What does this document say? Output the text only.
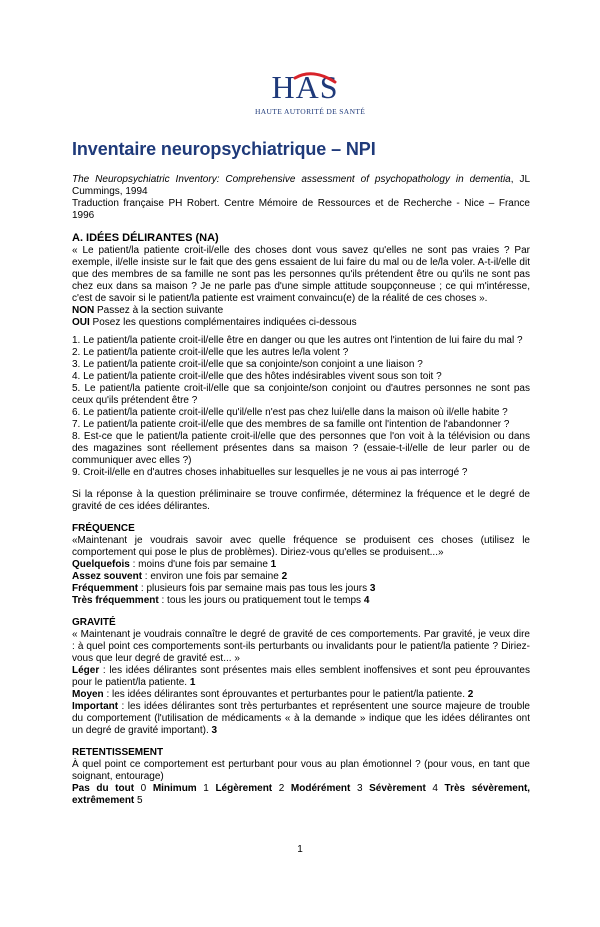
HAS
HAUTE AUTORITÉ DE SANTÉ
Inventaire neuropsychiatrique – NPI

The Neuropsychiatric Inventory: Comprehensive assessment of psychopathology in dementia, JL Cummings, 1994

Traduction française PH Robert. Centre Mémoire de Ressources et de Recherche - Nice – France 1996

A. IDÉES DÉLIRANTES (NA)

« Le patient/la patiente croit-il/elle des choses dont vous savez qu'elles ne sont pas vraies ? Par exemple, il/elle insiste sur le fait que des gens essaient de lui faire du mal ou de le/la voler. A-t-il/elle dit que des membres de sa famille ne sont pas les personnes qu'ils prétendent être ou qu'ils ne sont pas chez eux dans sa maison ? Je ne parle pas d'une simple attitude soupçonneuse ; ce qui m'intéresse, c'est de savoir si le patient/la patiente est vraiment convaincu(e) de la réalité de ces choses ».

NON Passez à la section suivante

OUI Posez les questions complémentaires indiquées ci-dessous

1. Le patient/la patiente croit-il/elle être en danger ou que les autres ont l'intention de lui faire du mal ?

2. Le patient/la patiente croit-il/elle que les autres le/la volent ?

3. Le patient/la patiente croit-il/elle que sa conjointe/son conjoint a une liaison ?

4. Le patient/la patiente croit-il/elle que des hôtes indésirables vivent sous son toit ?

5. Le patient/la patiente croit-il/elle que sa conjointe/son conjoint ou d'autres personnes ne sont pas ceux qu'ils prétendent être ?

6. Le patient/la patiente croit-il/elle qu'il/elle n'est pas chez lui/elle dans la maison où il/elle habite ?

7. Le patient/la patiente croit-il/elle que des membres de sa famille ont l'intention de l'abandonner ?

8. Est-ce que le patient/la patiente croit-il/elle que des personnes que l'on voit à la télévision ou dans des magazines sont réellement présentes dans sa maison ? (essaie-t-il/elle de leur parler ou de communiquer avec elles ?)

9. Croit-il/elle en d'autres choses inhabituelles sur lesquelles je ne vous ai pas interrogé ?

Si la réponse à la question préliminaire se trouve confirmée, déterminez la fréquence et le degré de gravité de ces idées délirantes.

FRÉQUENCE

«Maintenant je voudrais savoir avec quelle fréquence se produisent ces choses (utilisez le comportement qui pose le plus de problèmes). Diriez-vous qu'elles se produisent...»

Quelquefois : moins d'une fois par semaine 1

Assez souvent : environ une fois par semaine 2

Fréquemment : plusieurs fois par semaine mais pas tous les jours 3

Très fréquemment : tous les jours ou pratiquement tout le temps 4

GRAVITÉ

« Maintenant je voudrais connaître le degré de gravité de ces comportements. Par gravité, je veux dire : à quel point ces comportements sont-ils perturbants ou invalidants pour le patient/la patiente ? Diriez-vous que leur degré de gravité est... »

Léger : les idées délirantes sont présentes mais elles semblent inoffensives et sont peu éprouvantes pour le patient/la patiente. 1

Moyen : les idées délirantes sont éprouvantes et perturbantes pour le patient/la patiente. 2

Important : les idées délirantes sont très perturbantes et représentent une source majeure de trouble du comportement (l'utilisation de médicaments « à la demande » indique que les idées délirantes ont un degré de gravité important). 3

RETENTISSEMENT

À quel point ce comportement est perturbant pour vous au plan émotionnel ? (pour vous, en tant que soignant, entourage)

Pas du tout 0 Minimum 1 Légèrement 2 Modérément 3 Sévèrement 4 Très sévèrement, extrêmement 5

1
